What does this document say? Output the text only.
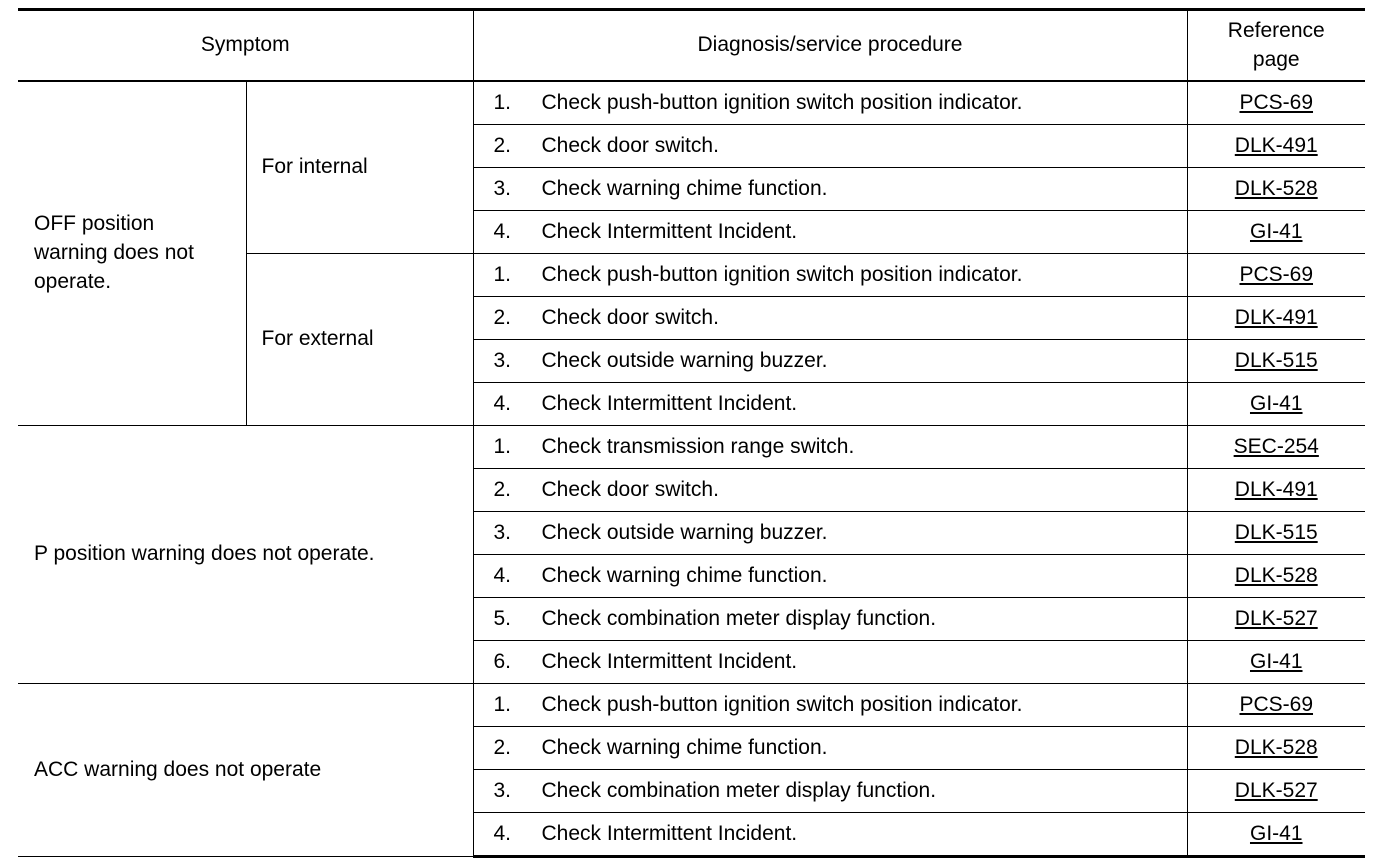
Symptom		Diagnosis/service procedure	Reference page
OFF position warning does not operate.	For internal	1. Check push-button ignition switch position indicator.	PCS-69
		2. Check door switch.	DLK-491
		3. Check warning chime function.	DLK-528
		4. Check Intermittent Incident.	GI-41
	For external	1. Check push-button ignition switch position indicator.	PCS-69
		2. Check door switch.	DLK-491
		3. Check outside warning buzzer.	DLK-515
		4. Check Intermittent Incident.	GI-41
P position warning does not operate.		1. Check transmission range switch.	SEC-254
		2. Check door switch.	DLK-491
		3. Check outside warning buzzer.	DLK-515
		4. Check warning chime function.	DLK-528
		5. Check combination meter display function.	DLK-527
		6. Check Intermittent Incident.	GI-41
ACC warning does not operate		1. Check push-button ignition switch position indicator.	PCS-69
		2. Check warning chime function.	DLK-528
		3. Check combination meter display function.	DLK-527
		4. Check Intermittent Incident.	GI-41
